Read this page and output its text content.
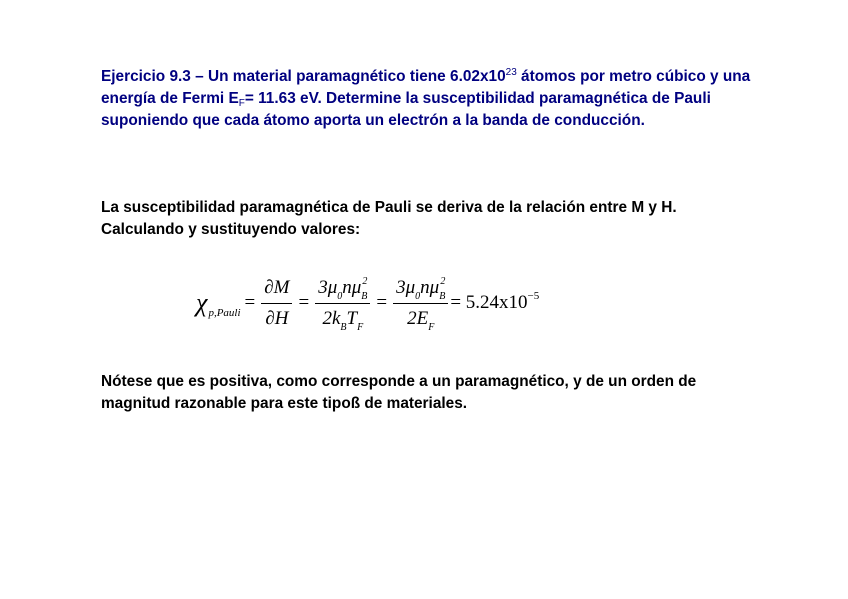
Ejercicio 9.3 – Un material paramagnético tiene $6.02x10^{23}$ átomos por metro cúbico y una energía de Fermi $E_F= 11.63$ eV. Determine la susceptibilidad paramagnética de Pauli suponiendo que cada átomo aporta un electrón a la banda de conducción.
La susceptibilidad paramagnética de Pauli se deriva de la relación entre M y H.
Calculando y sustituyendo valores:
χ p,Pauli = $\frac{\partial M}{\partial H} = \frac{3\mu_0n\mu_B^2}{2k_BT_F} = \frac{3\mu_0n\mu_B^2}{2E_F} = 5.24x10^{-5}$
Nótese que es positiva, como corresponde a un paramagnético, y de un orden de magnitud razonable para este tipoß de materiales.
